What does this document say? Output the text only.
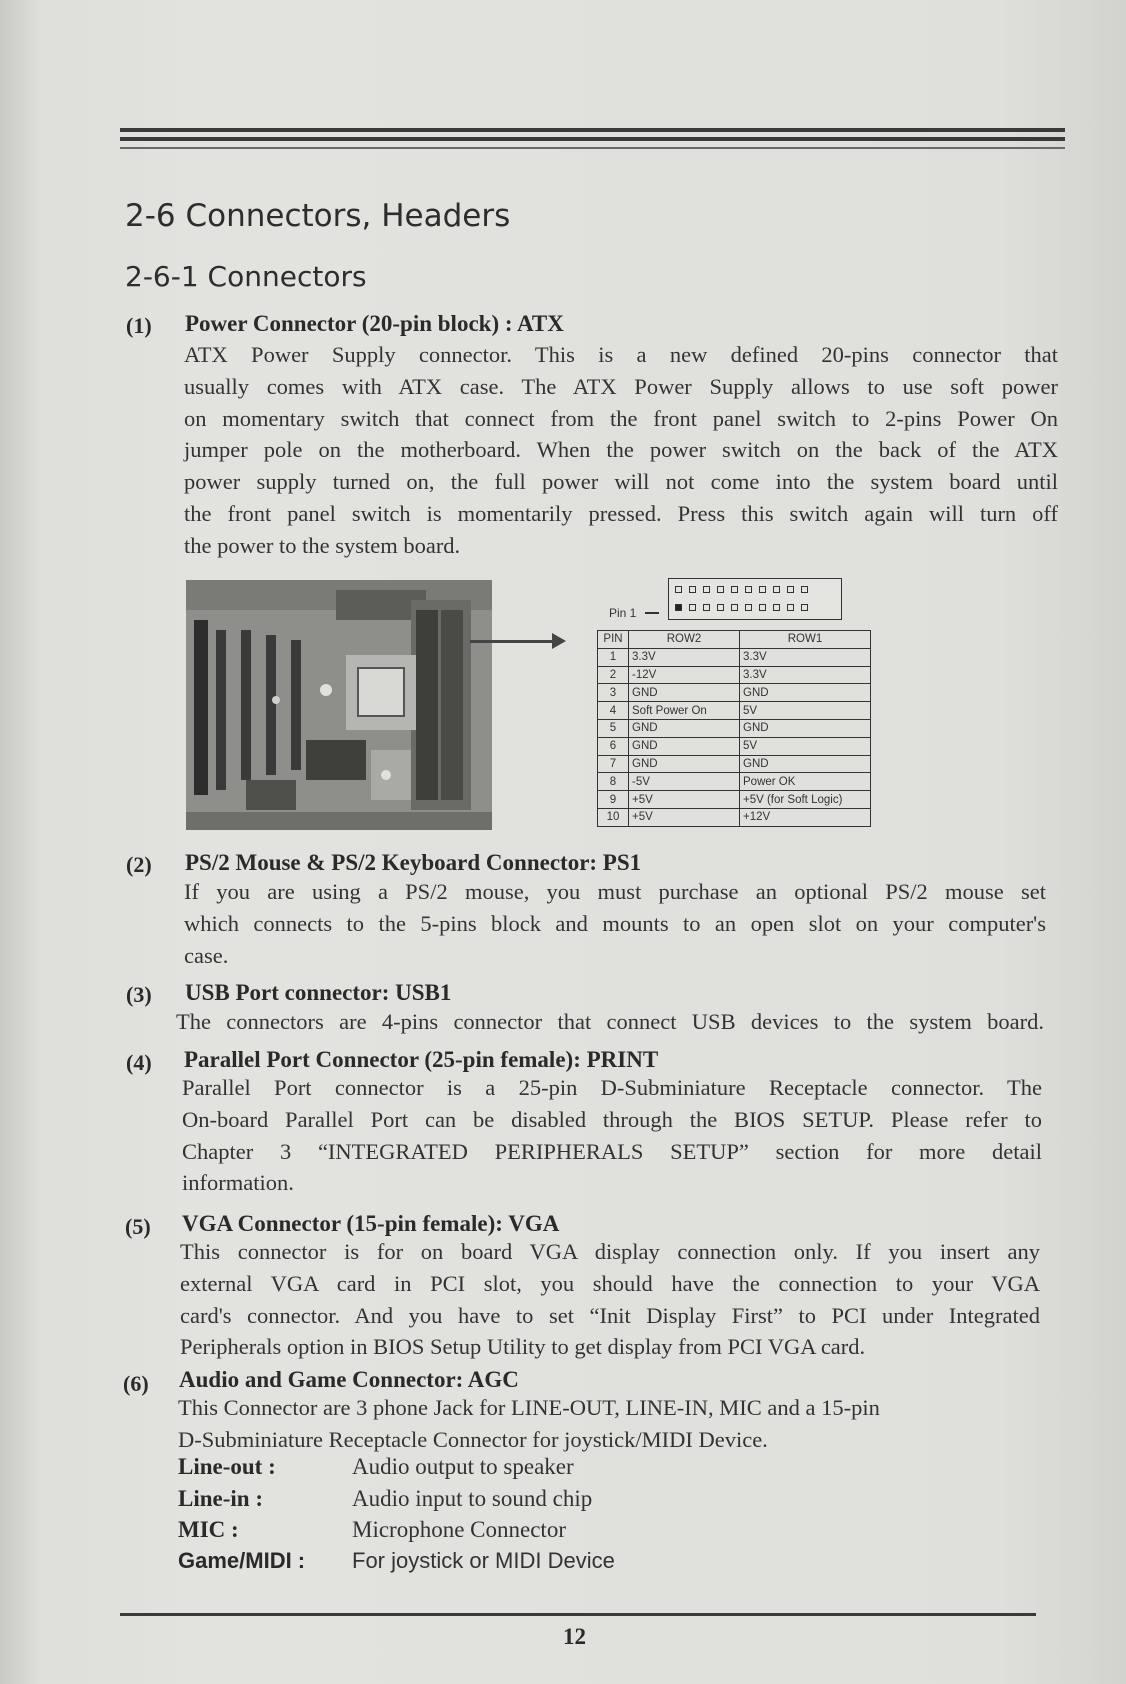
2-6 Connectors, Headers
2-6-1 Connectors
(1) Power Connector (20-pin block) : ATX
ATX Power Supply connector. This is a new defined 20-pins connector that
usually comes with ATX case. The ATX Power Supply allows to use soft power
on momentary switch that connect from the front panel switch to 2-pins Power On
jumper pole on the motherboard. When the power switch on the back of the ATX
power supply turned on, the full power will not come into the system board until
the front panel switch is momentarily pressed. Press this switch again will turn off
the power to the system board.
Pin 1
PIN	ROW2	ROW1
1	3.3V	3.3V
2	-12V	3.3V
3	GND	GND
4	Soft Power On	5V
5	GND	GND
6	GND	5V
7	GND	GND
8	-5V	Power OK
9	+5V	+5V (for Soft Logic)
10	+5V	+12V
(2) PS/2 Mouse & PS/2 Keyboard Connector: PS1
If you are using a PS/2 mouse, you must purchase an optional PS/2 mouse set
which connects to the 5-pins block and mounts to an open slot on your computer's
case.
(3) USB Port connector: USB1
The connectors are 4-pins connector that connect USB devices to the system board.
(4) Parallel Port Connector (25-pin female): PRINT
Parallel Port connector is a 25-pin D-Subminiature Receptacle connector. The
On-board Parallel Port can be disabled through the BIOS SETUP. Please refer to
Chapter 3 “INTEGRATED PERIPHERALS SETUP” section for more detail
information.
(5) VGA Connector (15-pin female): VGA
This connector is for on board VGA display connection only. If you insert any
external VGA card in PCI slot, you should have the connection to your VGA
card's connector. And you have to set “Init Display First” to PCI under Integrated
Peripherals option in BIOS Setup Utility to get display from PCI VGA card.
(6) Audio and Game Connector: AGC
This Connector are 3 phone Jack for LINE-OUT, LINE-IN, MIC and a 15-pin
D-Subminiature Receptacle Connector for joystick/MIDI Device.
Line-out :	Audio output to speaker
Line-in :	Audio input to sound chip
MIC :	Microphone Connector
Game/MIDI : For joystick or MIDI Device
12
